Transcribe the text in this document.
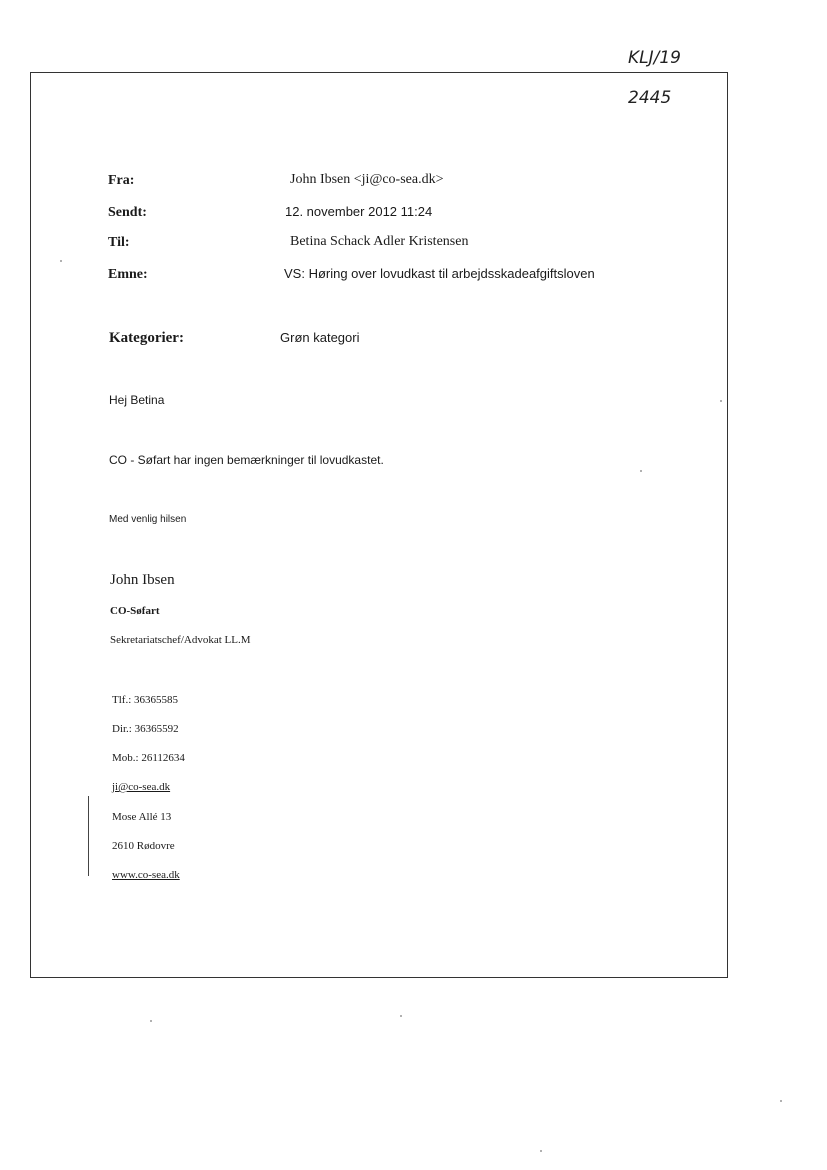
KLJ/19
2445
Fra:	John Ibsen <ji@co-sea.dk>
Sendt:	12. november 2012 11:24
Til:	Betina Schack Adler Kristensen
Emne:	VS: Høring over lovudkast til arbejdsskadeafgiftsloven
Kategorier:	Grøn kategori
Hej Betina
CO - Søfart har ingen bemærkninger til lovudkastet.
Med venlig hilsen
John Ibsen
CO-Søfart
Sekretariatschef/Advokat LL.M
Tlf.: 36365585
Dir.: 36365592
Mob.: 26112634
ji@co-sea.dk
Mose Allé 13
2610 Rødovre
www.co-sea.dk
